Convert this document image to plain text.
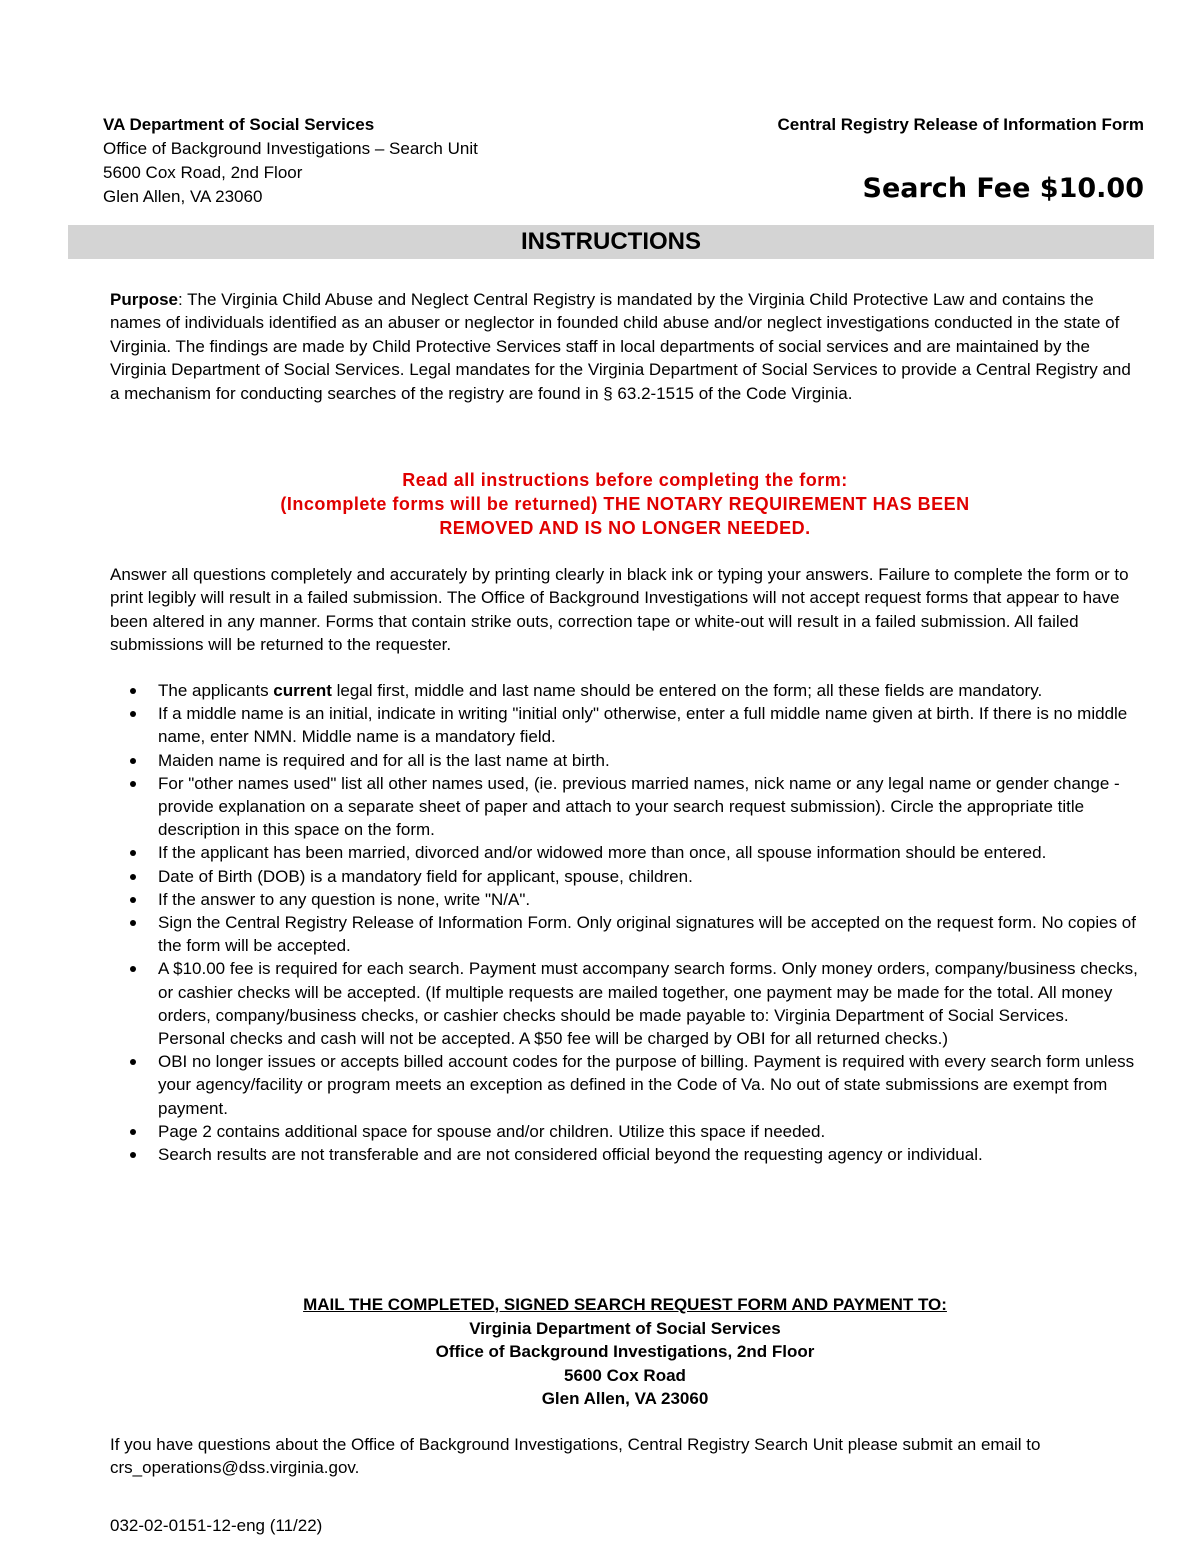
VA Department of Social Services
Office of Background Investigations – Search Unit
5600 Cox Road, 2nd Floor
Glen Allen, VA 23060
Central Registry Release of Information Form
Search Fee $10.00
INSTRUCTIONS
Purpose: The Virginia Child Abuse and Neglect Central Registry is mandated by the Virginia Child Protective Law and contains the names of individuals identified as an abuser or neglector in founded child abuse and/or neglect investigations conducted in the state of Virginia. The findings are made by Child Protective Services staff in local departments of social services and are maintained by the Virginia Department of Social Services. Legal mandates for the Virginia Department of Social Services to provide a Central Registry and a mechanism for conducting searches of the registry are found in § 63.2-1515 of the Code Virginia.
Read all instructions before completing the form:
(Incomplete forms will be returned) THE NOTARY REQUIREMENT HAS BEEN
REMOVED AND IS NO LONGER NEEDED.
Answer all questions completely and accurately by printing clearly in black ink or typing your answers. Failure to complete the form or to print legibly will result in a failed submission. The Office of Background Investigations will not accept request forms that appear to have been altered in any manner. Forms that contain strike outs, correction tape or white-out will result in a failed submission. All failed submissions will be returned to the requester.
The applicants current legal first, middle and last name should be entered on the form; all these fields are mandatory.
If a middle name is an initial, indicate in writing "initial only" otherwise, enter a full middle name given at birth. If there is no middle name, enter NMN. Middle name is a mandatory field.
Maiden name is required and for all is the last name at birth.
For "other names used" list all other names used, (ie. previous married names, nick name or any legal name or gender change - provide explanation on a separate sheet of paper and attach to your search request submission). Circle the appropriate title description in this space on the form.
If the applicant has been married, divorced and/or widowed more than once, all spouse information should be entered.
Date of Birth (DOB) is a mandatory field for applicant, spouse, children.
If the answer to any question is none, write "N/A".
Sign the Central Registry Release of Information Form. Only original signatures will be accepted on the request form. No copies of the form will be accepted.
A $10.00 fee is required for each search. Payment must accompany search forms. Only money orders, company/business checks, or cashier checks will be accepted. (If multiple requests are mailed together, one payment may be made for the total. All money orders, company/business checks, or cashier checks should be made payable to: Virginia Department of Social Services. Personal checks and cash will not be accepted. A $50 fee will be charged by OBI for all returned checks.)
OBI no longer issues or accepts billed account codes for the purpose of billing. Payment is required with every search form unless your agency/facility or program meets an exception as defined in the Code of Va. No out of state submissions are exempt from payment.
Page 2 contains additional space for spouse and/or children. Utilize this space if needed.
Search results are not transferable and are not considered official beyond the requesting agency or individual.
MAIL THE COMPLETED, SIGNED SEARCH REQUEST FORM AND PAYMENT TO:
Virginia Department of Social Services
Office of Background Investigations, 2nd Floor
5600 Cox Road
Glen Allen, VA 23060
If you have questions about the Office of Background Investigations, Central Registry Search Unit please submit an email to crs_operations@dss.virginia.gov.
032-02-0151-12-eng (11/22)
